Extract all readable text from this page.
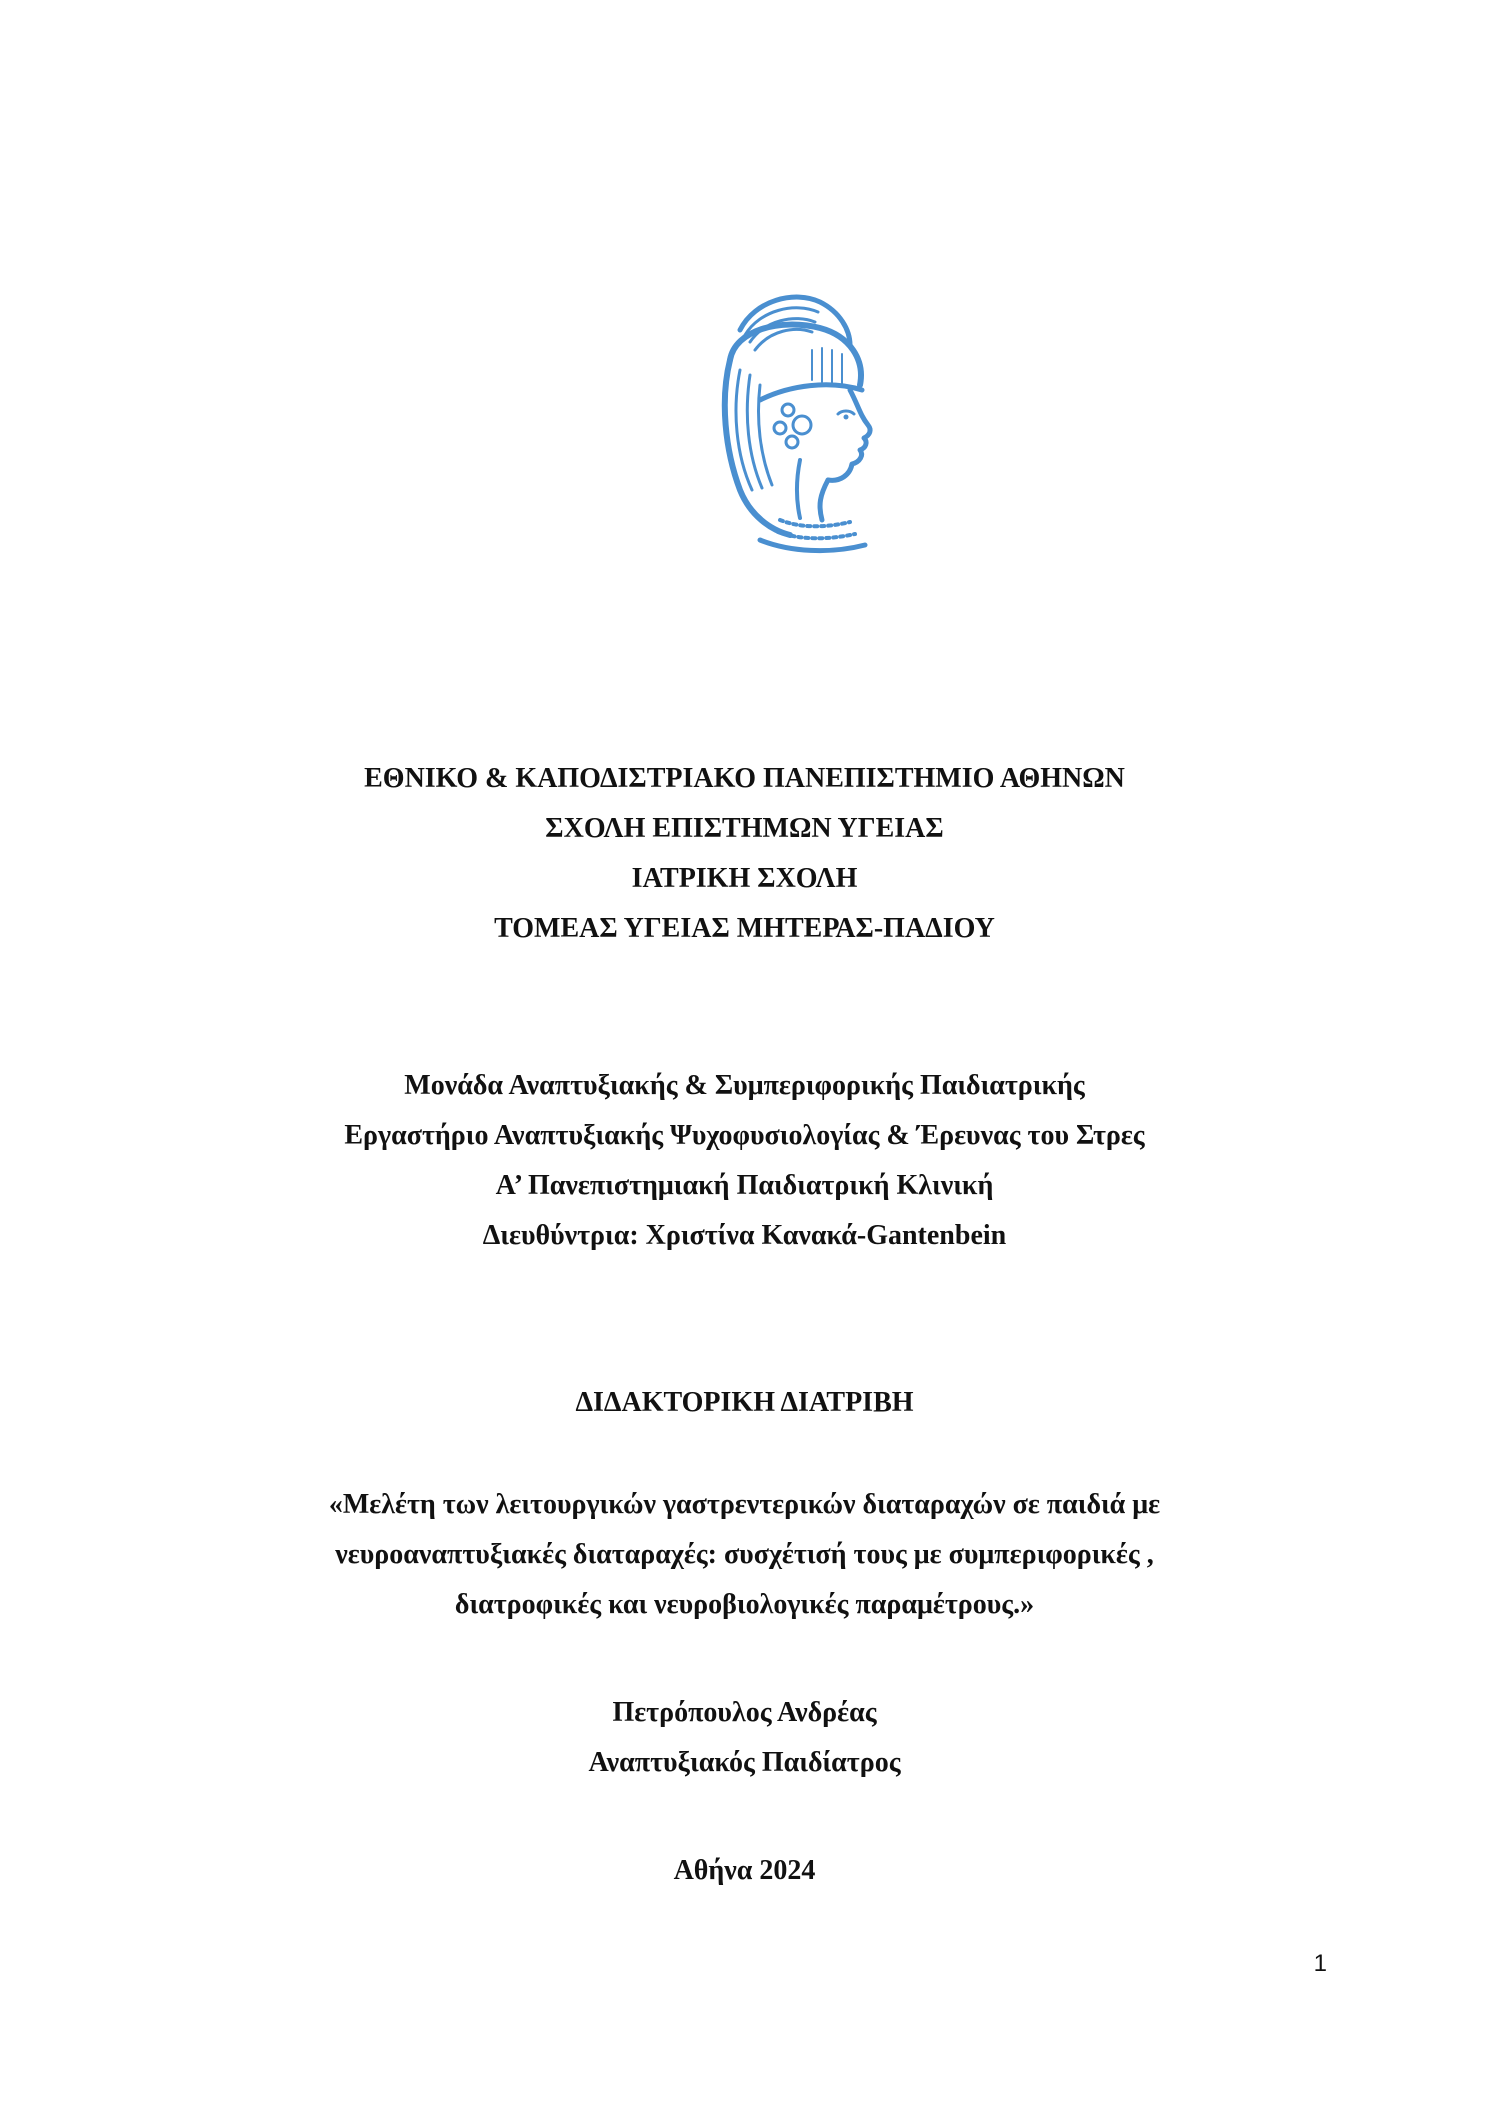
ΕΘΝΙΚΟ & ΚΑΠΟΔΙΣΤΡΙΑΚΟ ΠΑΝΕΠΙΣΤΗΜΙΟ ΑΘΗΝΩΝ
ΣΧΟΛΗ ΕΠΙΣΤΗΜΩΝ ΥΓΕΙΑΣ
ΙΑΤΡΙΚΗ ΣΧΟΛΗ
ΤΟΜΕΑΣ ΥΓΕΙΑΣ ΜΗΤΕΡΑΣ-ΠΑΔΙΟΥ
Μονάδα Αναπτυξιακής & Συμπεριφορικής Παιδιατρικής
Εργαστήριο Αναπτυξιακής Ψυχοφυσιολογίας & Έρευνας του Στρες
Α’ Πανεπιστημιακή Παιδιατρική Κλινική
Διευθύντρια: Χριστίνα Κανακά-Gantenbein
ΔΙΔΑΚΤΟΡΙΚΗ ΔΙΑΤΡΙΒΗ
«Μελέτη των λειτουργικών γαστρεντερικών διαταραχών σε παιδιά με
νευροαναπτυξιακές διαταραχές: συσχέτισή τους με συμπεριφορικές ,
διατροφικές και νευροβιολογικές παραμέτρους.»
Πετρόπουλος Ανδρέας
Αναπτυξιακός Παιδίατρος
Αθήνα 2024
1
